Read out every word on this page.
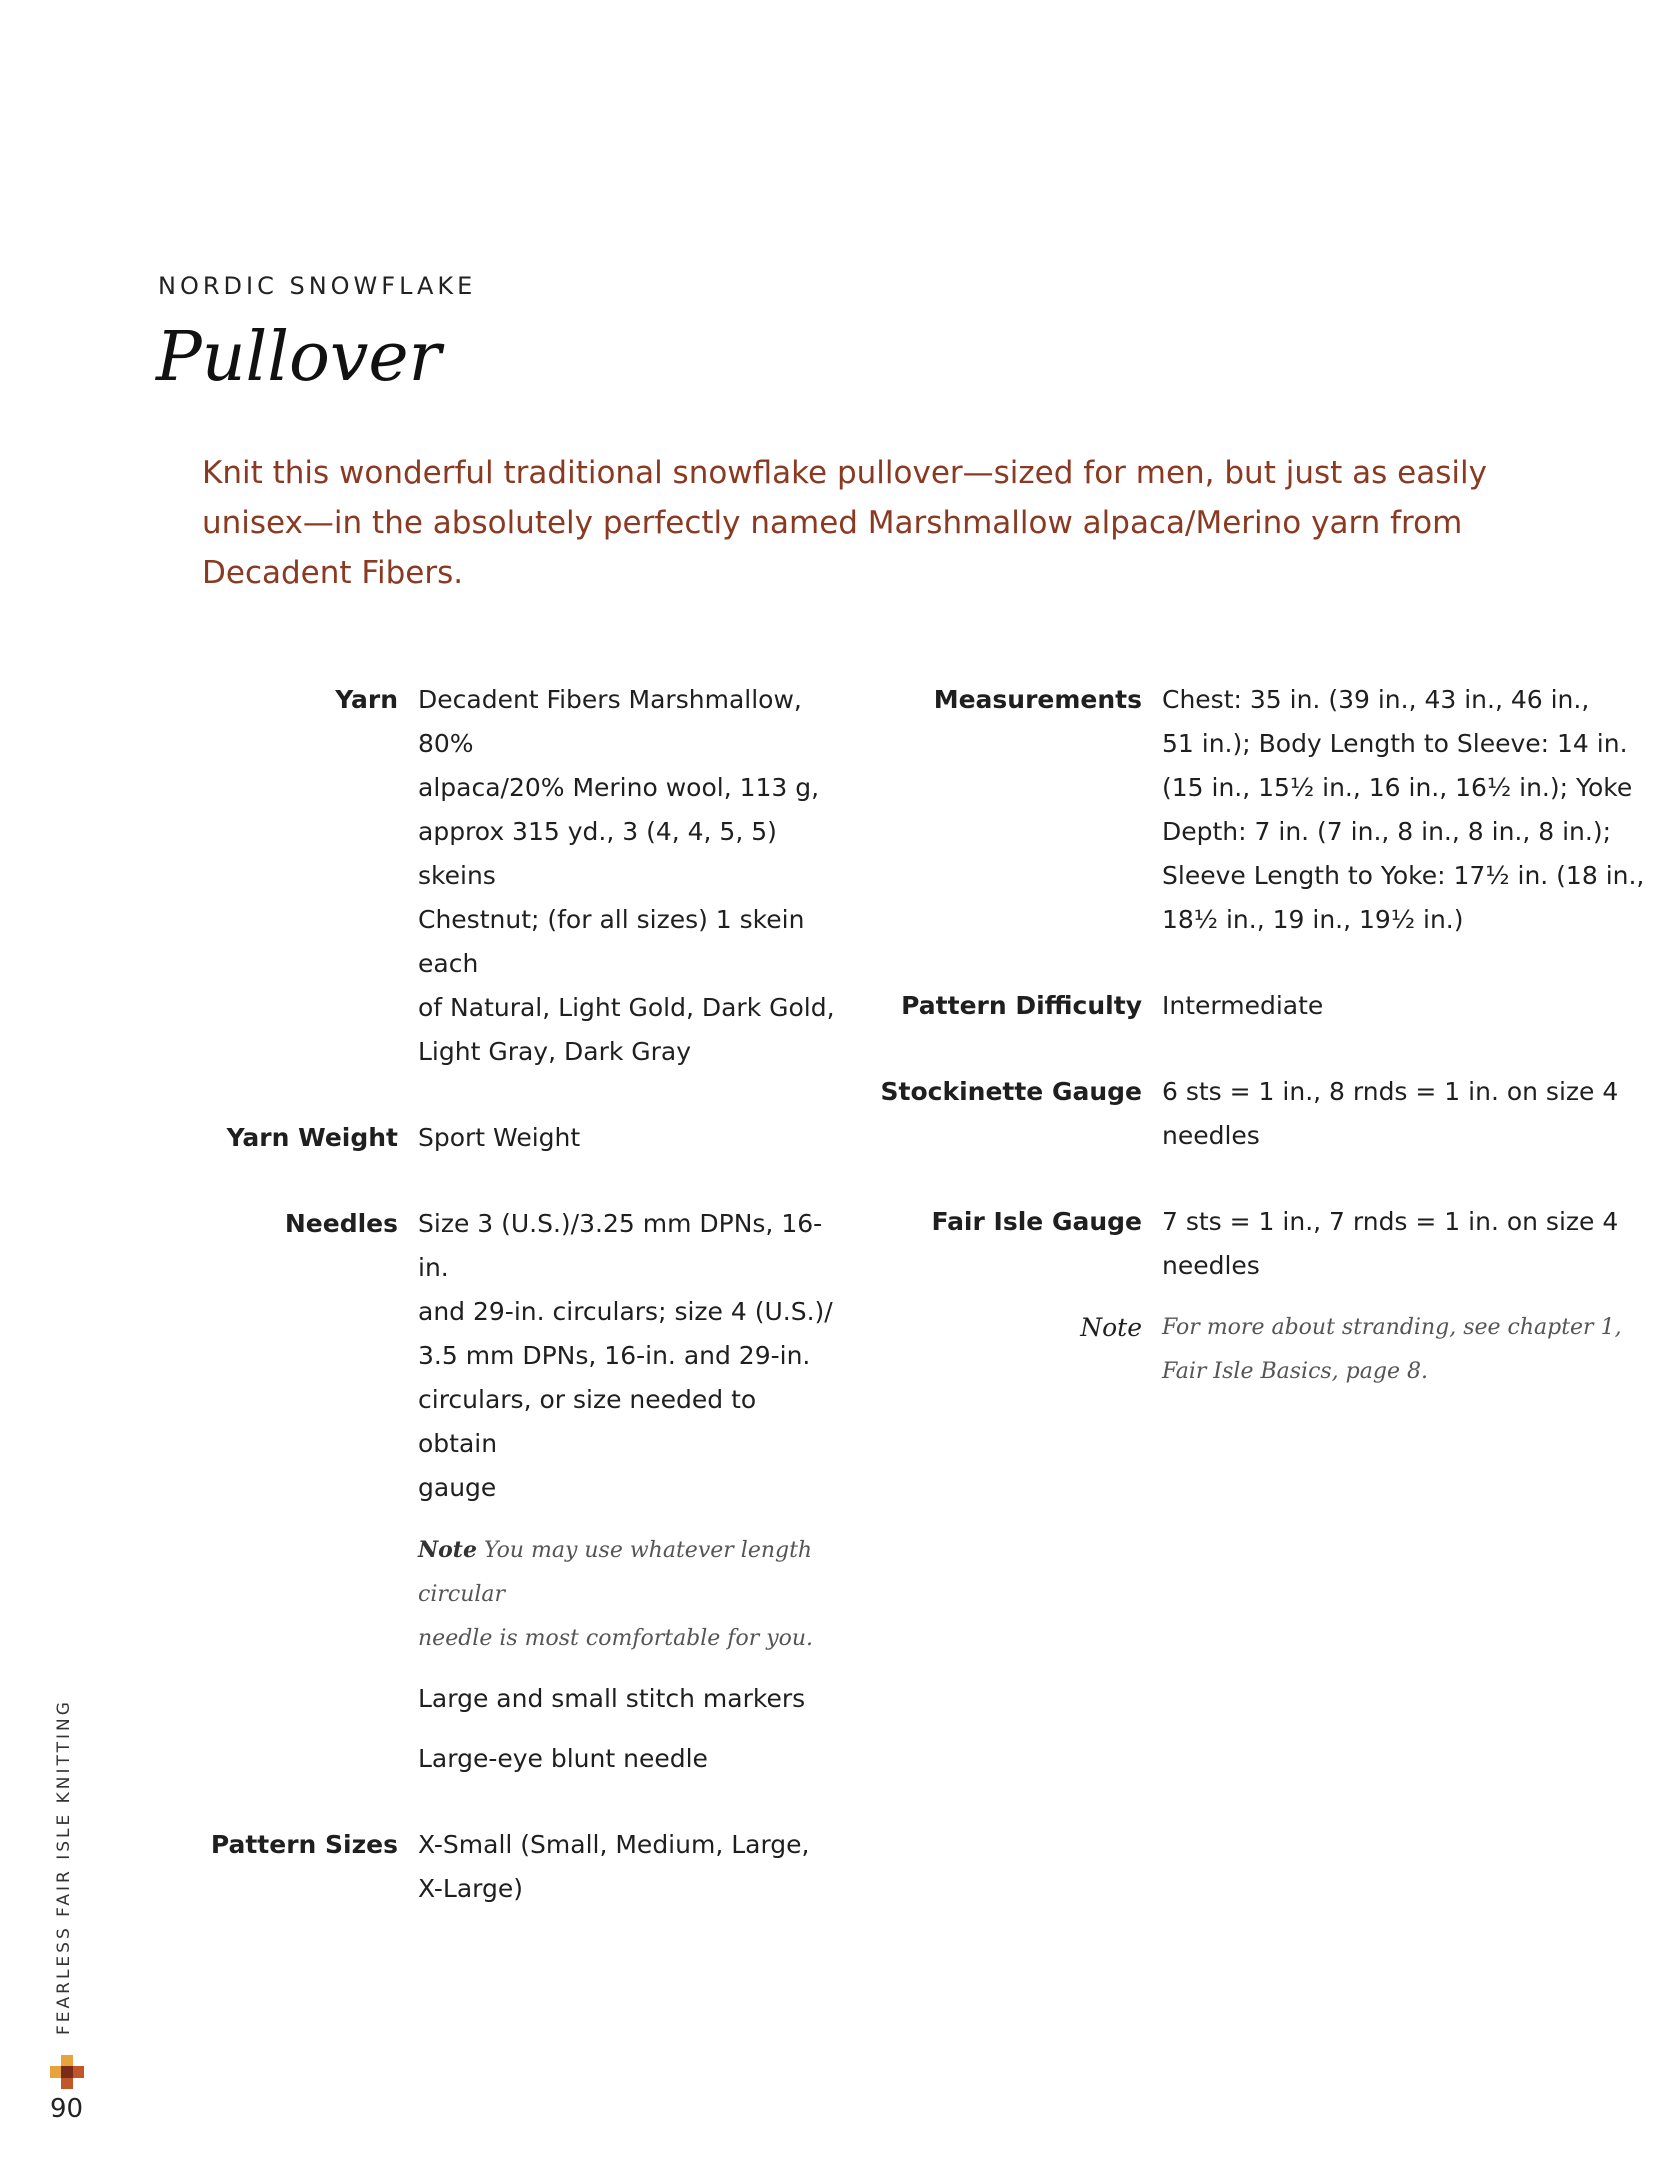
NORDIC SNOWFLAKE
Pullover
Knit this wonderful traditional snowflake pullover—sized for men, but just as easily unisex—in the absolutely perfectly named Marshmallow alpaca/Merino yarn from Decadent Fibers.
Yarn Decadent Fibers Marshmallow, 80%
alpaca/20% Merino wool, 113 g,
approx 315 yd., 3 (4, 4, 5, 5) skeins
Chestnut; (for all sizes) 1 skein each
of Natural, Light Gold, Dark Gold,
Light Gray, Dark Gray
Yarn Weight Sport Weight
Needles Size 3 (U.S.)/3.25 mm DPNs, 16-in.
and 29-in. circulars; size 4 (U.S.)/
3.5 mm DPNs, 16-in. and 29-in.
circulars, or size needed to obtain
gauge
Note You may use whatever length circular
needle is most comfortable for you.
Large and small stitch markers
Large-eye blunt needle
Pattern Sizes X-Small (Small, Medium, Large,
X-Large)
Measurements Chest: 35 in. (39 in., 43 in., 46 in.,
51 in.); Body Length to Sleeve: 14 in.
(15 in., 15½ in., 16 in., 16½ in.); Yoke
Depth: 7 in. (7 in., 8 in., 8 in., 8 in.);
Sleeve Length to Yoke: 17½ in. (18 in.,
18½ in., 19 in., 19½ in.)
Pattern Difficulty Intermediate
Stockinette Gauge 6 sts = 1 in., 8 rnds = 1 in. on size 4
needles
Fair Isle Gauge 7 sts = 1 in., 7 rnds = 1 in. on size 4
needles
Note For more about stranding, see chapter 1,
Fair Isle Basics, page 8.
FEARLESS FAIR ISLE KNITTING
90
